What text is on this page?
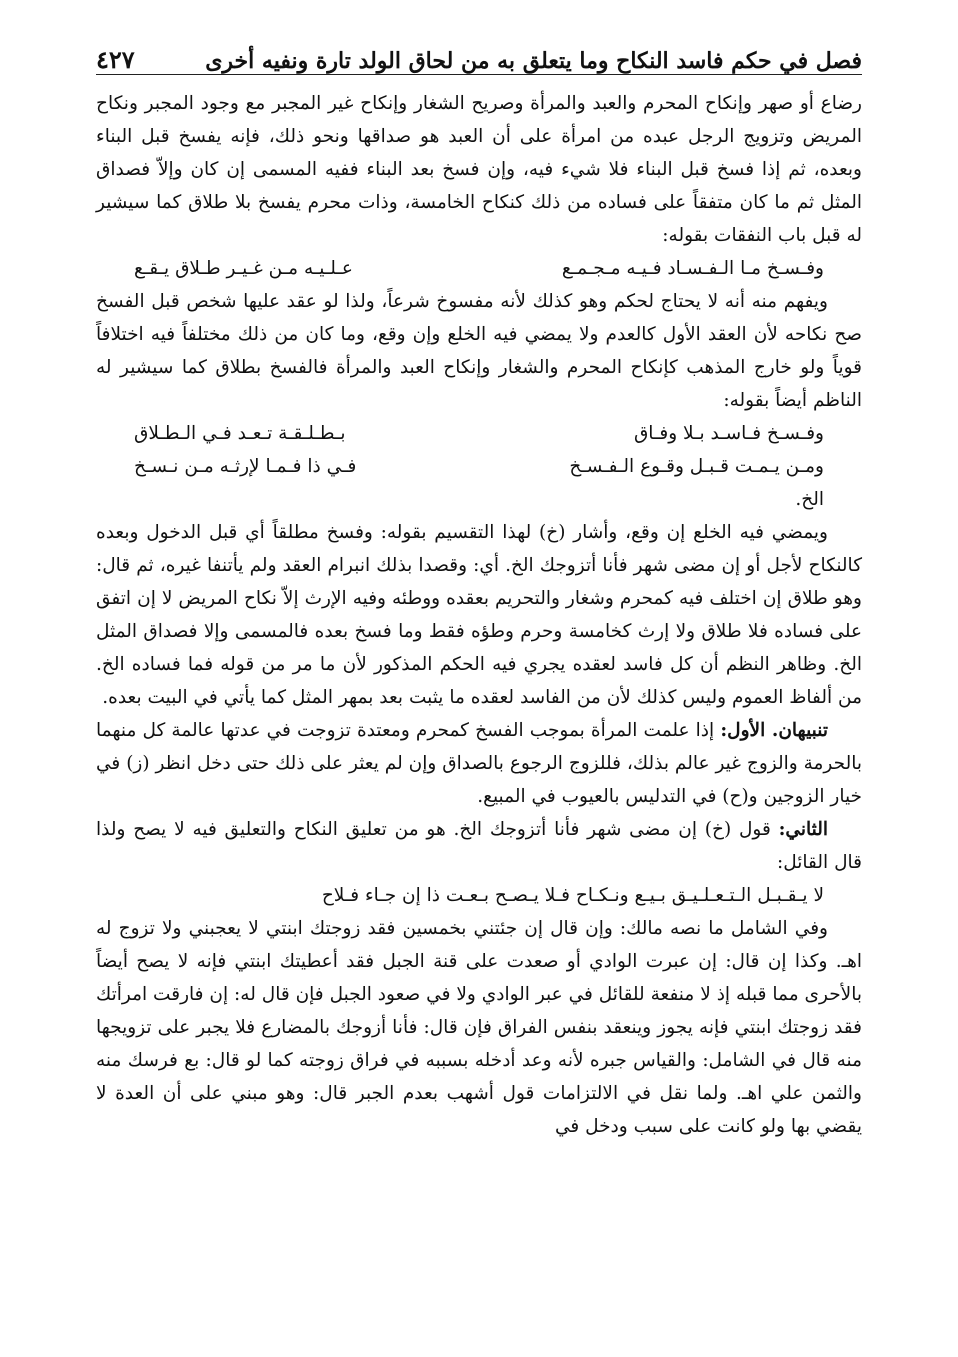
فصل في حكم فاسد النكاح وما يتعلق به من لحاق الولد تارة ونفيه أخرى
٤٢٧

رضاع أو صهر وإنكاح المحرم والعبد والمرأة وصريح الشغار وإنكاح غير المجبر مع وجود المجبر ونكاح المريض وتزويج الرجل عبده من امرأة على أن العبد هو صداقها ونحو ذلك، فإنه يفسخ قبل البناء وبعده، ثم إذا فسخ قبل البناء فلا شيء فيه، وإن فسخ بعد البناء ففيه المسمى إن كان وإلاّ فصداق المثل ثم ما كان متفقاً على فساده من ذلك كنكاح الخامسة، وذات محرم يفسخ بلا طلاق كما سيشير له قبل باب النفقات بقوله:

وفـسـخ مـا الـفـسـاد فـيـه مـجـمـع
عـلـيـه مـن غـيـر طـلاق يـقـع

ويفهم منه أنه لا يحتاج لحكم وهو كذلك لأنه مفسوخ شرعاً، ولذا لو عقد عليها شخص قبل الفسخ صح نكاحه لأن العقد الأول كالعدم ولا يمضي فيه الخلع وإن وقع، وما كان من ذلك مختلفاً فيه اختلافاً قوياً ولو خارج المذهب كإنكاح المحرم والشغار وإنكاح العبد والمرأة فالفسخ بطلاق كما سيشير له الناظم أيضاً بقوله:

وفـسـخ فـاسـد بـلا وفـاق
بـطـلـقـة تـعـد فـي الـطـلاق
ومـن يـمـت قـبـل وقـوع الـفـسـخ
فـي ذا فـمـا لإرثـه مـن نـسـخ
الخ.

ويمضي فيه الخلع إن وقع، وأشار (خ) لهذا التقسيم بقوله: وفسخ مطلقاً أي قبل الدخول وبعده كالنكاح لأجل أو إن مضى شهر فأنا أتزوجك الخ. أي: وقصدا بذلك انبرام العقد ولم يأتنفا غيره، ثم قال: وهو طلاق إن اختلف فيه كمحرم وشغار والتحريم بعقده ووطئه وفيه الإرث إلاّ نكاح المريض لا إن اتفق على فساده فلا طلاق ولا إرث كخامسة وحرم وطؤه فقط وما فسخ بعده فالمسمى وإلا فصداق المثل الخ. وظاهر النظم أن كل فاسد لعقده يجري فيه الحكم المذكور لأن ما مر من قوله فما فساده الخ. من ألفاظ العموم وليس كذلك لأن من الفاسد لعقده ما يثبت بعد بمهر المثل كما يأتي في البيت بعده.

تنبيهان. الأول: إذا علمت المرأة بموجب الفسخ كمحرم ومعتدة تزوجت في عدتها عالمة كل منهما بالحرمة والزوج غير عالم بذلك، فللزوج الرجوع بالصداق وإن لم يعثر على ذلك حتى دخل انظر (ز) في خيار الزوجين و(ح) في التدليس بالعيوب في المبيع.

الثاني: قول (خ) إن مضى شهر فأنا أتزوجك الخ. هو من تعليق النكاح والتعليق فيه لا يصح ولذا قال القائل:

لا يـقـبـل الـتـعـلـيـق بـيـع ونـكـاح فـلا يـصـح بـعـت ذا إن جـاء فـلاح

وفي الشامل ما نصه مالك: وإن قال إن جئتني بخمسين فقد زوجتك ابنتي لا يعجبني ولا تزوج له اهـ. وكذا إن قال: إن عبرت الوادي أو صعدت على قنة الجبل فقد أعطيتك ابنتي فإنه لا يصح أيضاً بالأحرى مما قبله إذ لا منفعة للقائل في عبر الوادي ولا في صعود الجبل فإن قال له: إن فارقت امرأتك فقد زوجتك ابنتي فإنه يجوز وينعقد بنفس الفراق فإن قال: فأنا أزوجك بالمضارع فلا يجبر على تزويجها منه قال في الشامل: والقياس جبره لأنه وعد أدخله بسببه في فراق زوجته كما لو قال: بع فرسك منه والثمن علي اهـ. ولما نقل في الالتزامات قول أشهب بعدم الجبر قال: وهو مبني على أن العدة لا يقضي بها ولو كانت على سبب ودخل في
